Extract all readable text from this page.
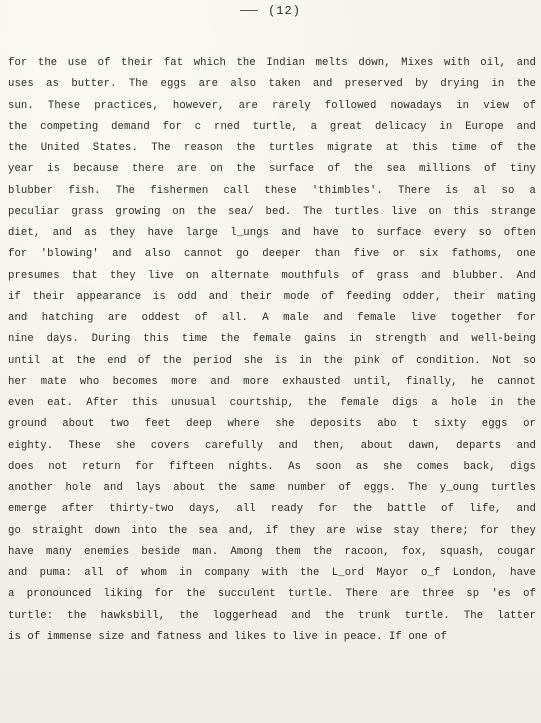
(12)
for the use of their fat which the Indian melts down, Mixes with oil, and
uses as butter. The eggs are also taken and preserved by drying in the
sun. These practices, however, are rarely followed nowadays in view of
the competing demand for c rned turtle, a great delicacy in Europe and
the United States. The reason the turtles migrate at this time of the
year is because there are on the surface of the sea millions of tiny
blubber fish. The fishermen call these 'thimbles'. There is al so a
peculiar grass growing on the sea/ bed. The turtles live on this strange
diet, and as they have large l_ungs and have to surface every so often
for 'blowing' and also cannot go deeper than five or six fathoms, one
presumes that they live on alternate mouthfuls of grass and blubber. And
if their appearance is odd and their mode of feeding odder, their mating
and hatching are oddest of all. A male and female live together for
nine days. During this time the female gains in strength and well-being
until at the end of the period she is in the pink of condition. Not so
her mate who becomes more and more exhausted until, finally, he cannot
even eat. After this unusual courtship, the female digs a hole in the
ground about two feet deep where she deposits abo t sixty eggs or
eighty. These she covers carefully and then, about dawn, departs and
does not return for fifteen nights. As soon as she comes back, digs
another hole and lays about the same number of eggs. The y_oung turtles
emerge after thirty-two days, all ready for the battle of life, and
go straight down into the sea and, if they are wise stay there; for they
have many enemies beside man. Among them the racoon, fox, squash, cougar
and puma: all of whom in company with the L_ord Mayor o_f London, have
a pronounced liking for the succulent turtle. There are three sp 'es of
turtle: the hawksbill, the loggerhead and the trunk turtle. The latter
is of immense size and fatness and likes to live in peace. If one of
